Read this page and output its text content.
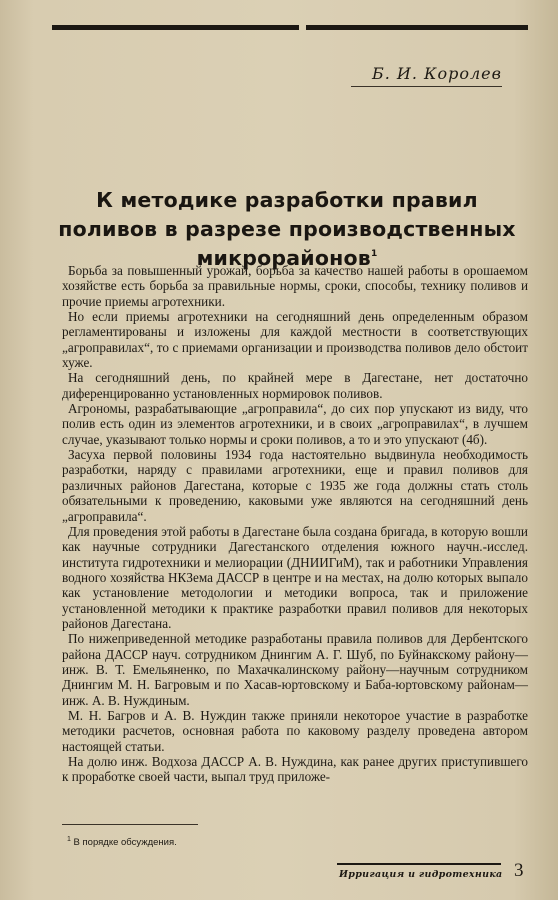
Б. И. Королев
К методике разработки правил поливов в разрезе производственных микрорайонов$^1$

Борьба за повышенный урожай, борьба за качество нашей работы в орошаемом хозяйстве есть борьба за правильные нормы, сроки, способы, технику поливов и прочие приемы агротехники.

Но если приемы агротехники на сегодняшний день определенным образом регламентированы и изложены для каждой местности в соответствующих „агроправилах“, то с приемами организации и производства поливов дело обстоит хуже.

На сегодняшний день, по крайней мере в Дагестане, нет достаточно диференцированно установленных нормировок поливов.

Агрономы, разрабатывающие „агроправила“, до сих пор упускают из виду, что полив есть один из элементов агротехники, и в своих „агроправилах“, в лучшем случае, указывают только нормы и сроки поливов, а то и это упускают (4б).

Засуха первой половины 1934 года настоятельно выдвинула необходимость разработки, наряду с правилами агротехники, еще и правил поливов для различных районов Дагестана, которые с 1935 же года должны стать столь обязательными к проведению, каковыми уже являются на сегодняшний день „агроправила“.

Для проведения этой работы в Дагестане была создана бригада, в которую вошли как научные сотрудники Дагестанского отделения южного научн.-исслед. института гидротехники и мелиорации (ДНИИГиМ), так и работники Управления водного хозяйства НКЗема ДАССР в центре и на местах, на долю которых выпало как установление методологии и методики вопроса, так и приложение установленной методики к практике разработки правил поливов для некоторых районов Дагестана.

По нижеприведенной методике разработаны правила поливов для Дербентского района ДАССР науч. сотрудником Днингим А. Г. Шуб, по Буйнакскому району—инж. В. Т. Емельяненко, по Махачкалинскому району—научным сотрудником Днингим М. Н. Багровым и по Хасав-юртовскому и Баба-юртовскому районам—инж. А. В. Нуждиным.

М. Н. Багров и А. В. Нуждин также приняли некоторое участие в разработке методики расчетов, основная работа по каковому разделу проведена автором настоящей статьи.

На долю инж. Водхоза ДАССР А. В. Нуждина, как ранее других приступившего к проработке своей части, выпал труд приложе-

$^1$ В порядке обсуждения.
Ирригация и гидротехника 3
